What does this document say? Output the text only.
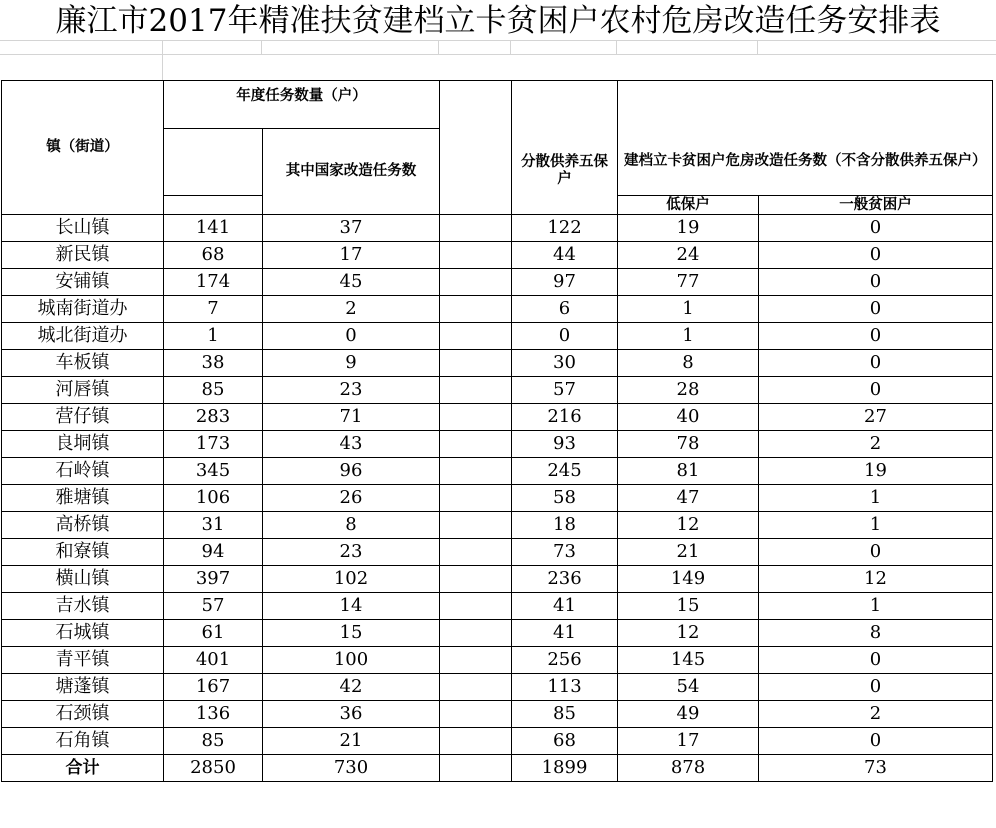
廉江市2017年精准扶贫建档立卡贫困户农村危房改造任务安排表
镇（街道）	年度任务数量（户）					
		其中国家改造任务数		分散供养五保户	建档立卡贫困户危房改造任务数（不含分散供养五保户）	
					低保户	一般贫困户
长山镇	141	37		122	19	0
新民镇	68	17		44	24	0
安铺镇	174	45		97	77	0
城南街道办	7	2		6	1	0
城北街道办	1	0		0	1	0
车板镇	38	9		30	8	0
河唇镇	85	23		57	28	0
营仔镇	283	71		216	40	27
良垌镇	173	43		93	78	2
石岭镇	345	96		245	81	19
雅塘镇	106	26		58	47	1
高桥镇	31	8		18	12	1
和寮镇	94	23		73	21	0
横山镇	397	102		236	149	12
吉水镇	57	14		41	15	1
石城镇	61	15		41	12	8
青平镇	401	100		256	145	0
塘蓬镇	167	42		113	54	0
石颈镇	136	36		85	49	2
石角镇	85	21		68	17	0
合计	2850	730		1899	878	73
